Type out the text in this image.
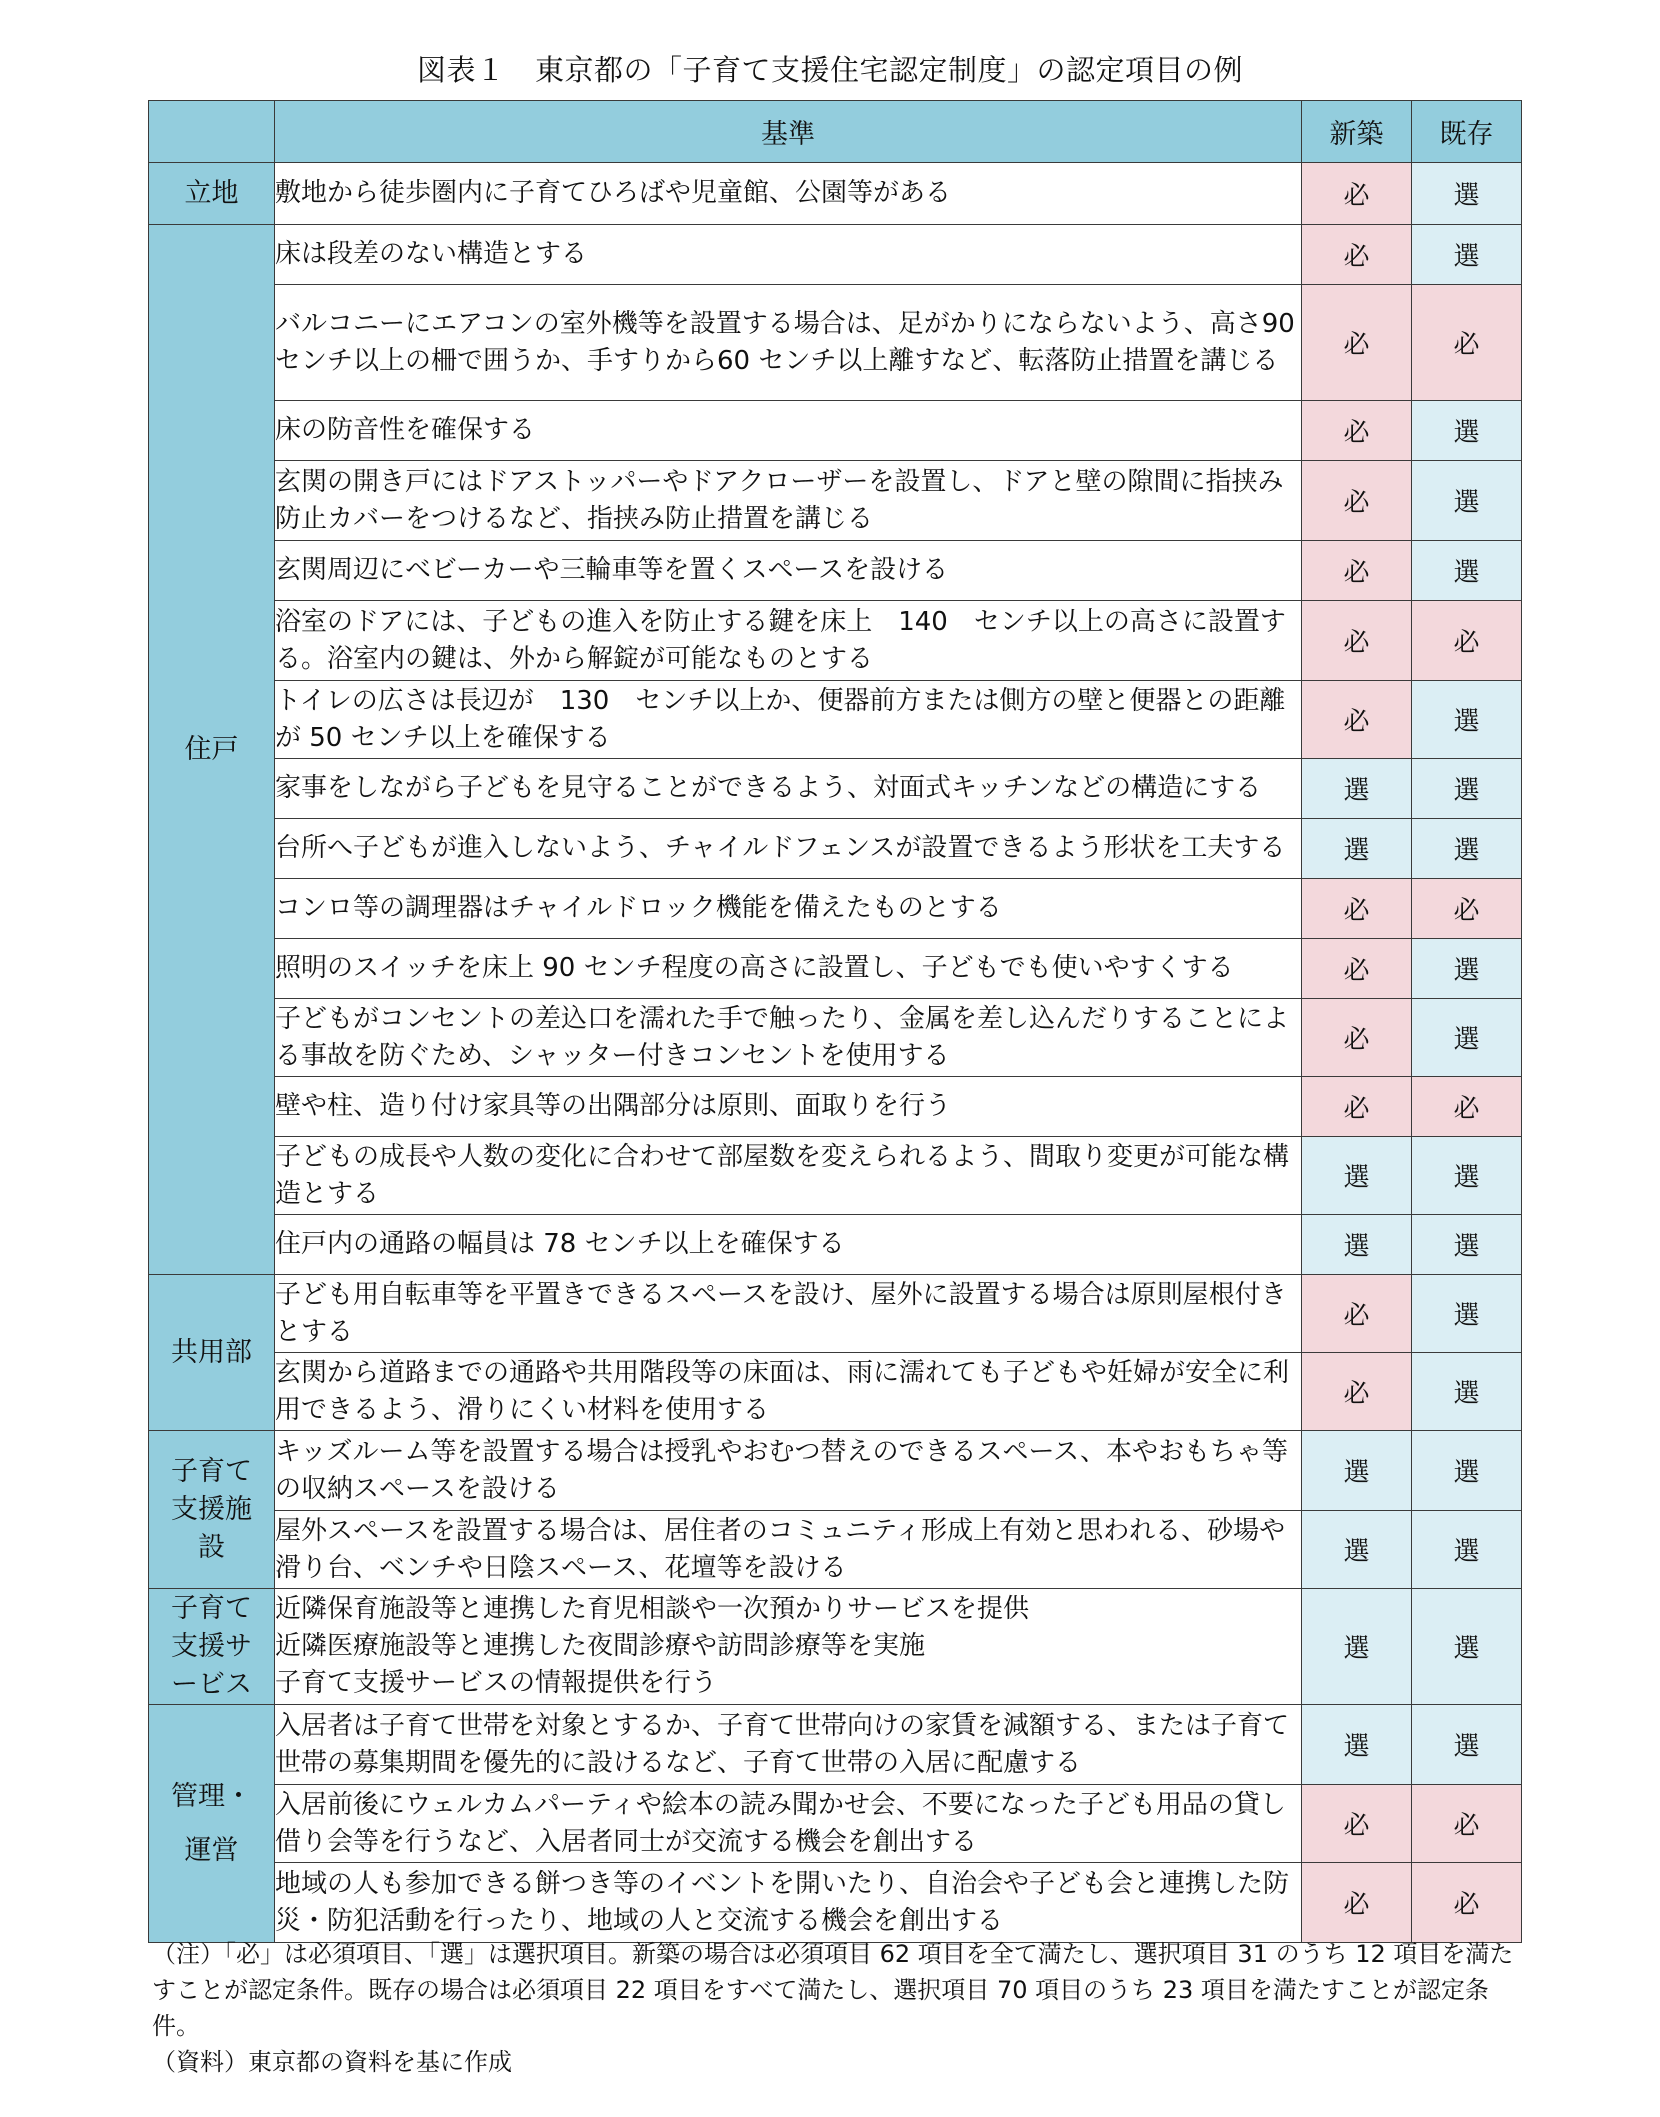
図表１　東京都の「子育て支援住宅認定制度」の認定項目の例
	基準	新築	既存
立地	敷地から徒歩圏内に子育てひろばや児童館、公園等がある	必	選
住戸	床は段差のない構造とする	必	選
	バルコニーにエアコンの室外機等を設置する場合は、足がかりにならないよう、高さ90 センチ以上の柵で囲うか、手すりから60 センチ以上離すなど、転落防止措置を講じる	必	必
	床の防音性を確保する	必	選
	玄関の開き戸にはドアストッパーやドアクローザーを設置し、ドアと壁の隙間に指挟み防止カバーをつけるなど、指挟み防止措置を講じる	必	選
	玄関周辺にベビーカーや三輪車等を置くスペースを設ける	必	選
	浴室のドアには、子どもの進入を防止する鍵を床上　140　センチ以上の高さに設置する。浴室内の鍵は、外から解錠が可能なものとする	必	必
	トイレの広さは長辺が　130　センチ以上か、便器前方または側方の壁と便器との距離が 50 センチ以上を確保する	必	選
	家事をしながら子どもを見守ることができるよう、対面式キッチンなどの構造にする	選	選
	台所へ子どもが進入しないよう、チャイルドフェンスが設置できるよう形状を工夫する	選	選
	コンロ等の調理器はチャイルドロック機能を備えたものとする	必	必
	照明のスイッチを床上 90 センチ程度の高さに設置し、子どもでも使いやすくする	必	選
	子どもがコンセントの差込口を濡れた手で触ったり、金属を差し込んだりすることによる事故を防ぐため、シャッター付きコンセントを使用する	必	選
	壁や柱、造り付け家具等の出隅部分は原則、面取りを行う	必	必
	子どもの成長や人数の変化に合わせて部屋数を変えられるよう、間取り変更が可能な構造とする	選	選
	住戸内の通路の幅員は 78 センチ以上を確保する	選	選
共用部	子ども用自転車等を平置きできるスペースを設け、屋外に設置する場合は原則屋根付きとする	必	選
	玄関から道路までの通路や共用階段等の床面は、雨に濡れても子どもや妊婦が安全に利用できるよう、滑りにくい材料を使用する	必	選

子育て
支援施
設	キッズルーム等を設置する場合は授乳やおむつ替えのできるスペース、本やおもちゃ等の収納スペースを設ける	選	選
	屋外スペースを設置する場合は、居住者のコミュニティ形成上有効と思われる、砂場や滑り台、ベンチや日陰スペース、花壇等を設ける	選	選

子育て
支援サ
ービス	近隣保育施設等と連携した育児相談や一次預かりサービスを提供
近隣医療施設等と連携した夜間診療や訪問診療等を実施
子育て支援サービスの情報提供を行う	選	選

管理・
運営	入居者は子育て世帯を対象とするか、子育て世帯向けの家賃を減額する、または子育て世帯の募集期間を優先的に設けるなど、子育て世帯の入居に配慮する	選	選
	入居前後にウェルカムパーティや絵本の読み聞かせ会、不要になった子ども用品の貸し借り会等を行うなど、入居者同士が交流する機会を創出する	必	必
	地域の人も参加できる餅つき等のイベントを開いたり、自治会や子ども会と連携した防災・防犯活動を行ったり、地域の人と交流する機会を創出する	必	必
（注）「必」は必須項目、「選」は選択項目。新築の場合は必須項目 62 項目を全て満たし、選択項目 31 のうち 12 項目を満たすことが認定条件。既存の場合は必須項目 22 項目をすべて満たし、選択項目 70 項目のうち 23 項目を満たすことが認定条件。
（資料）東京都の資料を基に作成
